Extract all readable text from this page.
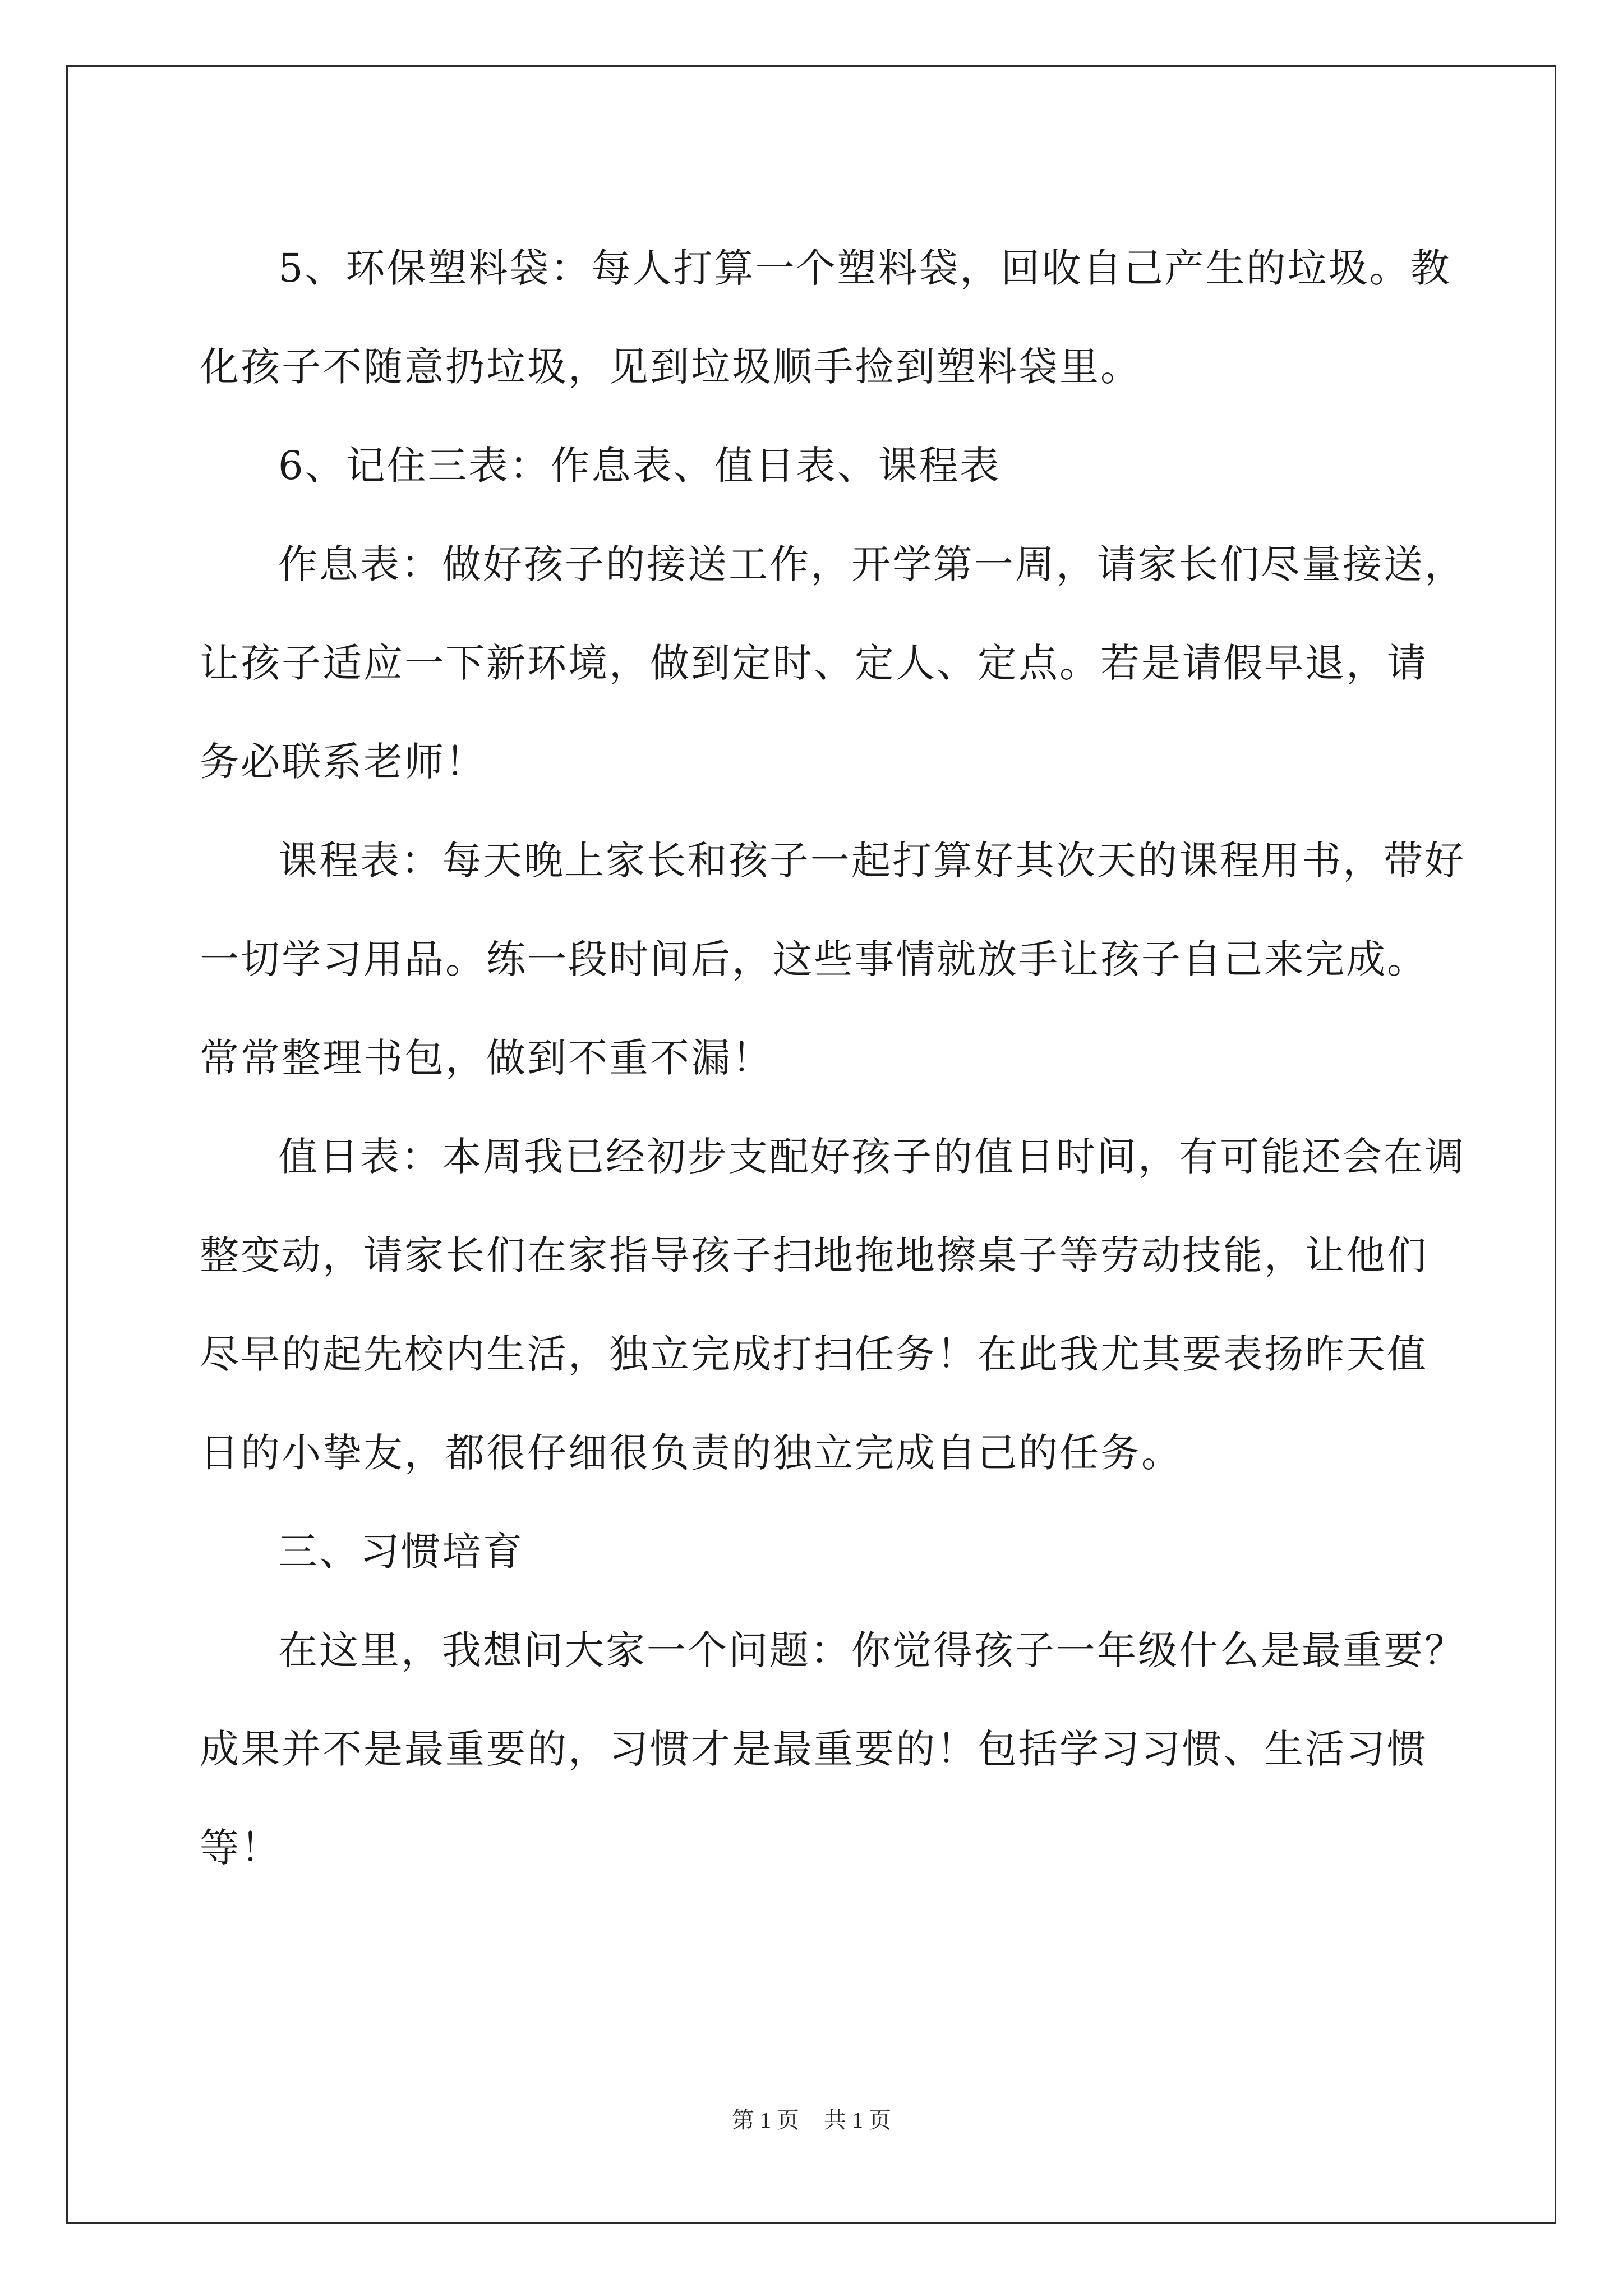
5、环保塑料袋：每人打算一个塑料袋，回收自己产生的垃圾。教化孩子不随意扔垃圾，见到垃圾顺手捡到塑料袋里。

6、记住三表：作息表、值日表、课程表

作息表：做好孩子的接送工作，开学第一周，请家长们尽量接送，让孩子适应一下新环境，做到定时、定人、定点。若是请假早退，请务必联系老师！

课程表：每天晚上家长和孩子一起打算好其次天的课程用书，带好一切学习用品。练一段时间后，这些事情就放手让孩子自己来完成。常常整理书包，做到不重不漏！

值日表：本周我已经初步支配好孩子的值日时间，有可能还会在调整变动，请家长们在家指导孩子扫地拖地擦桌子等劳动技能，让他们尽早的起先校内生活，独立完成打扫任务！在此我尤其要表扬昨天值日的小挚友，都很仔细很负责的独立完成自己的任务。

三、习惯培育

在这里，我想问大家一个问题：你觉得孩子一年级什么是最重要？成果并不是最重要的，习惯才是最重要的！包括学习习惯、生活习惯等！

第 1 页 共 1 页
